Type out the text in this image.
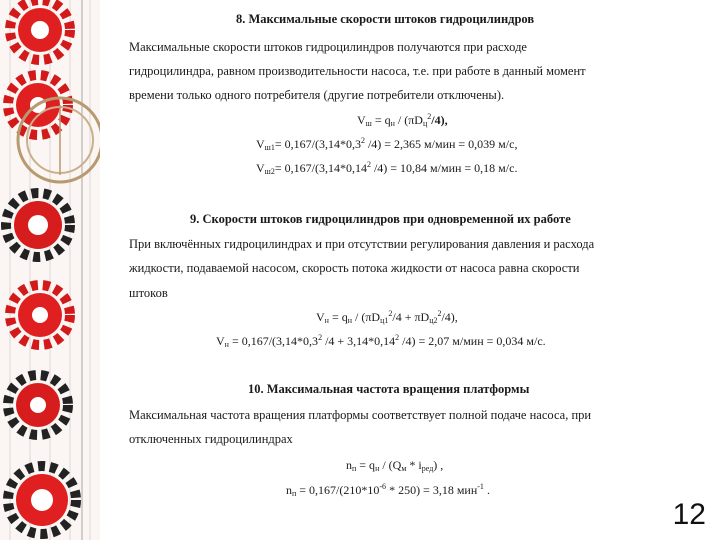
8. Максимальные скорости штоков гидроцилиндров
Максимальные скорости штоков гидроцилиндров получаются при расходе
гидроцилиндра, равном производительности насоса, т.е. при работе в данный момент
времени только одного потребителя (другие потребители отключены).
$V_ш = q_н / (\pi D_ц^2/4)$,
$V_{ш1}= 0,167/(3,14*0,3^2$ /4) = 2,365 м/мин = 0,039 м/с,
$V_{ш2}= 0,167/(3,14*0,14^2$ /4) = 10,84 м/мин = 0,18 м/с.
9. Скорости штоков гидроцилиндров при одновременной их работе
При включённых гидроцилиндрах и при отсутствии регулирования давления и расхода
жидкости, подаваемой насосом, скорость потока жидкости от насоса равна скорости
штоков
$V_н = q_н / (\pi D_{ц1}^2/4 + \pi D_{ц2}^2/4)$,
$V_н = 0,167/(3,14*0,3^2$ $/4 + 3,14*0,14^2$ /4) = 2,07 м/мин = 0,034 м/с.
10. Максимальная частота вращения платформы
Максимальная частота вращения платформы соответствует полной подаче насоса, при
отключенных гидроцилиндрах
$n_п = q_н / (Q_м * i_{ред})$ ,
$n_п = 0,167/(210*10^{-6} * 250) = 3,18$ мин$^{-1}$ .
12
